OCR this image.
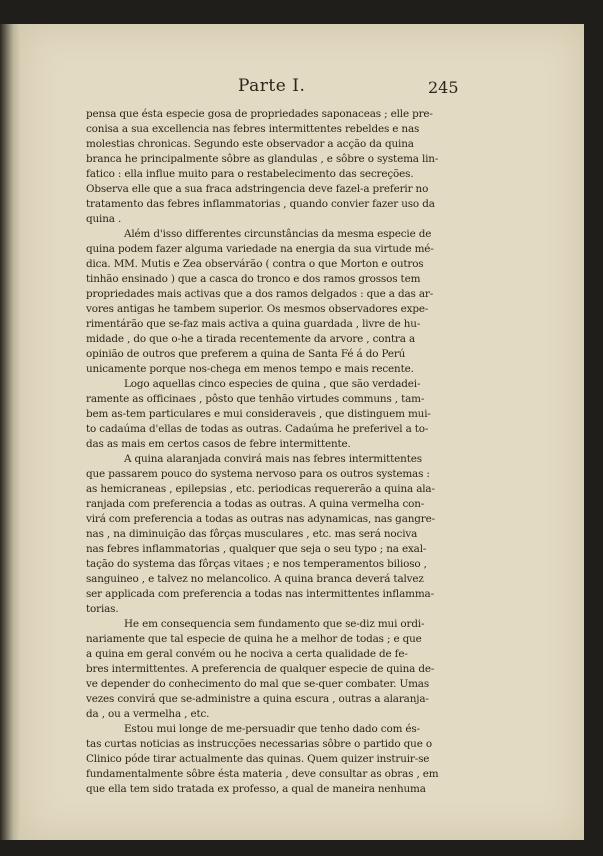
Parte I.	245

pensa que ésta especie gosa de propriedades saponaceas ; elle pre-
conisa a sua excellencia nas febres intermittentes rebeldes e nas
molestias chronicas. Segundo este observador a acção da quina
branca he principalmente sôbre as glandulas , e sôbre o systema lin-
fatico : ella influe muito para o restabelecimento das secreções.
Observa elle que a sua fraca adstringencia deve fazel-a preferir no
tratamento das febres inflammatorias , quando convier fazer uso da
quina .
Além d'isso differentes circunstâncias da mesma especie de
quina podem fazer alguma variedade na energia da sua virtude mé-
dica. MM. Mutis e Zea observárão ( contra o que Morton e outros
tinhão ensinado ) que a casca do tronco e dos ramos grossos tem
propriedades mais activas que a dos ramos delgados : que a das ar-
vores antigas he tambem superior. Os mesmos observadores expe-
rimentárão que se-faz mais activa a quina guardada , livre de hu-
midade , do que o-he a tirada recentemente da arvore , contra a
opinião de outros que preferem a quina de Santa Fé á do Perú
unicamente porque nos-chega em menos tempo e mais recente.
Logo aquellas cinco especies de quina , que são verdadei-
ramente as officinaes , pôsto que tenhão virtudes communs , tam-
bem as-tem particulares e mui consideraveis , que distinguem mui-
to cadaúma d'ellas de todas as outras. Cadaúma he preferivel a to-
das as mais em certos casos de febre intermittente.
A quina alaranjada convirá mais nas febres intermittentes
que passarem pouco do systema nervoso para os outros systemas :
as hemicraneas , epilepsias , etc. periodicas requererão a quina ala-
ranjada com preferencia a todas as outras. A quina vermelha con-
virá com preferencia a todas as outras nas adynamicas, nas gangre-
nas , na diminuição das fôrças musculares , etc. mas será nociva
nas febres inflammatorias , qualquer que seja o seu typo ; na exal-
tação do systema das fôrças vitaes ; e nos temperamentos bilioso ,
sanguineo , e talvez no melancolico. A quina branca deverá talvez
ser applicada com preferencia a todas nas intermittentes inflamma-
torias.
He em consequencia sem fundamento que se-diz mui ordi-
nariamente que tal especie de quina he a melhor de todas ; e que
a quina em geral convém ou he nociva a certa qualidade de fe-
bres intermittentes. A preferencia de qualquer especie de quina de-
ve depender do conhecimento do mal que se-quer combater. Umas
vezes convirá que se-administre a quina escura , outras a alaranja-
da , ou a vermelha , etc.
Estou mui longe de me-persuadir que tenho dado com és-
tas curtas noticias as instrucções necessarias sôbre o partido que o
Clinico póde tirar actualmente das quinas. Quem quizer instruir-se
fundamentalmente sôbre ésta materia , deve consultar as obras , em
que ella tem sido tratada ex professo, a qual de maneira nenhuma
